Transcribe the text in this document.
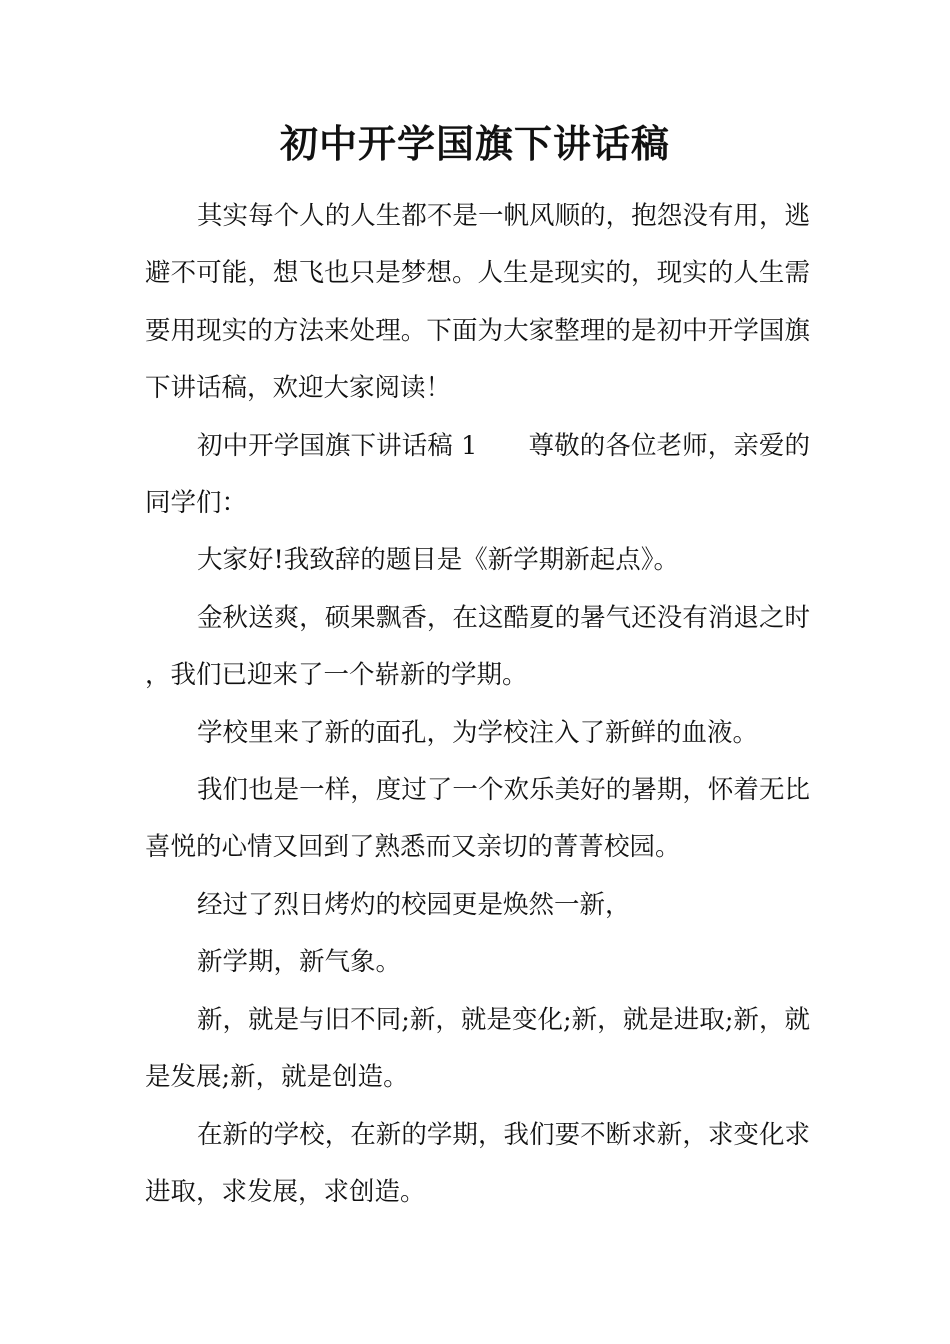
初中开学国旗下讲话稿

其实每个人的人生都不是一帆风顺的，抱怨没有用，逃避不可能，想飞也只是梦想。人生是现实的，现实的人生需要用现实的方法来处理。下面为大家整理的是初中开学国旗下讲话稿，欢迎大家阅读！

初中开学国旗下讲话稿 1　　尊敬的各位老师，亲爱的同学们：

大家好!我致辞的题目是《新学期新起点》。

金秋送爽，硕果飘香，在这酷夏的暑气还没有消退之时，我们已迎来了一个崭新的学期。

学校里来了新的面孔，为学校注入了新鲜的血液。

我们也是一样，度过了一个欢乐美好的暑期，怀着无比喜悦的心情又回到了熟悉而又亲切的菁菁校园。

经过了烈日烤灼的校园更是焕然一新，

新学期，新气象。

新，就是与旧不同;新，就是变化;新，就是进取;新，就是发展;新，就是创造。

在新的学校，在新的学期，我们要不断求新，求变化求进取，求发展，求创造。
